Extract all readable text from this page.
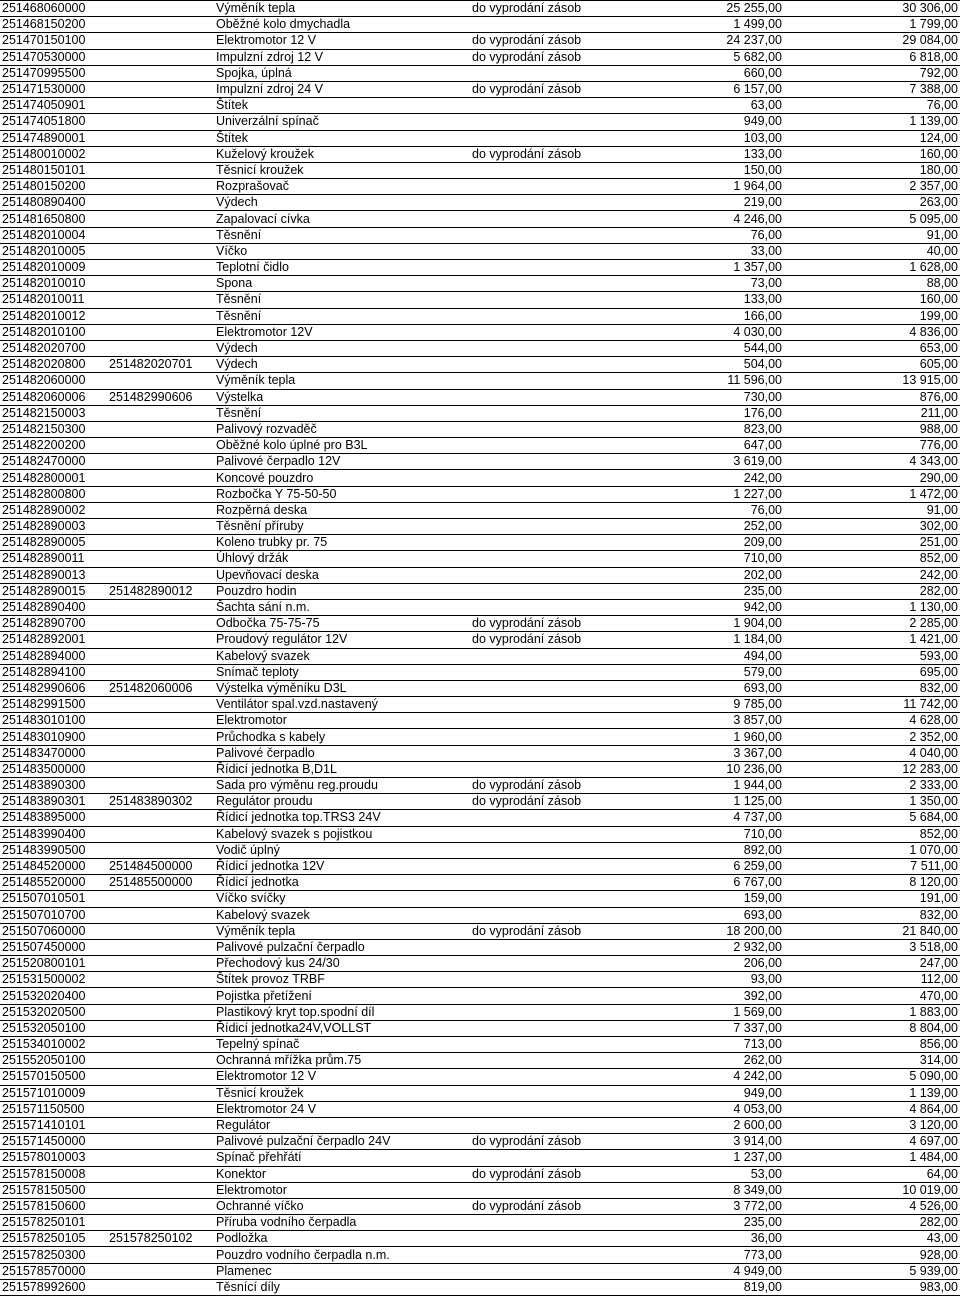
251468060000		Výměník tepla	do vyprodání zásob	25 255,00	30 306,00
251468150200		Oběžné kolo dmychadla		1 499,00	1 799,00
251470150100		Elektromotor 12 V	do vyprodání zásob	24 237,00	29 084,00
251470530000		Impulzní zdroj 12 V	do vyprodání zásob	5 682,00	6 818,00
251470995500		Spojka, úplná		660,00	792,00
251471530000		Impulzní zdroj 24 V	do vyprodání zásob	6 157,00	7 388,00
251474050901		Štítek		63,00	76,00
251474051800		Univerzální spínač		949,00	1 139,00
251474890001		Štítek		103,00	124,00
251480010002		Kuželový kroužek	do vyprodání zásob	133,00	160,00
251480150101		Těsnicí kroužek		150,00	180,00
251480150200		Rozprašovač		1 964,00	2 357,00
251480890400		Výdech		219,00	263,00
251481650800		Zapalovací cívka		4 246,00	5 095,00
251482010004		Těsnění		76,00	91,00
251482010005		Víčko		33,00	40,00
251482010009		Teplotní čidlo		1 357,00	1 628,00
251482010010		Spona		73,00	88,00
251482010011		Těsnění		133,00	160,00
251482010012		Těsnění		166,00	199,00
251482010100		Elektromotor 12V		4 030,00	4 836,00
251482020700		Výdech		544,00	653,00
251482020800	251482020701	Výdech		504,00	605,00
251482060000		Výměník tepla		11 596,00	13 915,00
251482060006	251482990606	Výstelka		730,00	876,00
251482150003		Těsnění		176,00	211,00
251482150300		Palivový rozvaděč		823,00	988,00
251482200200		Oběžné kolo úplné pro B3L		647,00	776,00
251482470000		Palivové čerpadlo 12V		3 619,00	4 343,00
251482800001		Koncové pouzdro		242,00	290,00
251482800800		Rozbočka Y 75-50-50		1 227,00	1 472,00
251482890002		Rozpěrná deska		76,00	91,00
251482890003		Těsnění příruby		252,00	302,00
251482890005		Koleno trubky pr. 75		209,00	251,00
251482890011		Úhlový držák		710,00	852,00
251482890013		Upevňovací deska		202,00	242,00
251482890015	251482890012	Pouzdro hodin		235,00	282,00
251482890400		Šachta sání n.m.		942,00	1 130,00
251482890700		Odbočka 75-75-75	do vyprodání zásob	1 904,00	2 285,00
251482892001		Proudový regulátor 12V	do vyprodání zásob	1 184,00	1 421,00
251482894000		Kabelový svazek		494,00	593,00
251482894100		Snímač teploty		579,00	695,00
251482990606	251482060006	Výstelka výměníku D3L		693,00	832,00
251482991500		Ventilátor spal.vzd.nastavený		9 785,00	11 742,00
251483010100		Elektromotor		3 857,00	4 628,00
251483010900		Průchodka s kabely		1 960,00	2 352,00
251483470000		Palivové čerpadlo		3 367,00	4 040,00
251483500000		Řídicí jednotka B,D1L		10 236,00	12 283,00
251483890300		Sada pro výměnu reg.proudu	do vyprodání zásob	1 944,00	2 333,00
251483890301	251483890302	Regulátor proudu	do vyprodání zásob	1 125,00	1 350,00
251483895000		Řídicí jednotka top.TRS3 24V		4 737,00	5 684,00
251483990400		Kabelový svazek s pojistkou		710,00	852,00
251483990500		Vodič úplný		892,00	1 070,00
251484520000	251484500000	Řídicí jednotka 12V		6 259,00	7 511,00
251485520000	251485500000	Řídicí jednotka		6 767,00	8 120,00
251507010501		Víčko svíčky		159,00	191,00
251507010700		Kabelový svazek		693,00	832,00
251507060000		Výměník tepla	do vyprodání zásob	18 200,00	21 840,00
251507450000		Palivové pulzační čerpadlo		2 932,00	3 518,00
251520800101		Přechodový kus 24/30		206,00	247,00
251531500002		Štítek provoz TRBF		93,00	112,00
251532020400		Pojistka přetížení		392,00	470,00
251532020500		Plastikový kryt top.spodní díl		1 569,00	1 883,00
251532050100		Řídicí jednotka24V,VOLLST		7 337,00	8 804,00
251534010002		Tepelný spínač		713,00	856,00
251552050100		Ochranná mřížka prům.75		262,00	314,00
251570150500		Elektromotor 12 V		4 242,00	5 090,00
251571010009		Těsnicí kroužek		949,00	1 139,00
251571150500		Elektromotor 24 V		4 053,00	4 864,00
251571410101		Regulátor		2 600,00	3 120,00
251571450000		Palivové pulzační čerpadlo 24V	do vyprodání zásob	3 914,00	4 697,00
251578010003		Spínač přehřátí		1 237,00	1 484,00
251578150008		Konektor	do vyprodání zásob	53,00	64,00
251578150500		Elektromotor		8 349,00	10 019,00
251578150600		Ochranné víčko	do vyprodání zásob	3 772,00	4 526,00
251578250101		Příruba vodního čerpadla		235,00	282,00
251578250105	251578250102	Podložka		36,00	43,00
251578250300		Pouzdro vodního čerpadla n.m.		773,00	928,00
251578570000		Plamenec		4 949,00	5 939,00
251578992600		Těsnící díly		819,00	983,00
